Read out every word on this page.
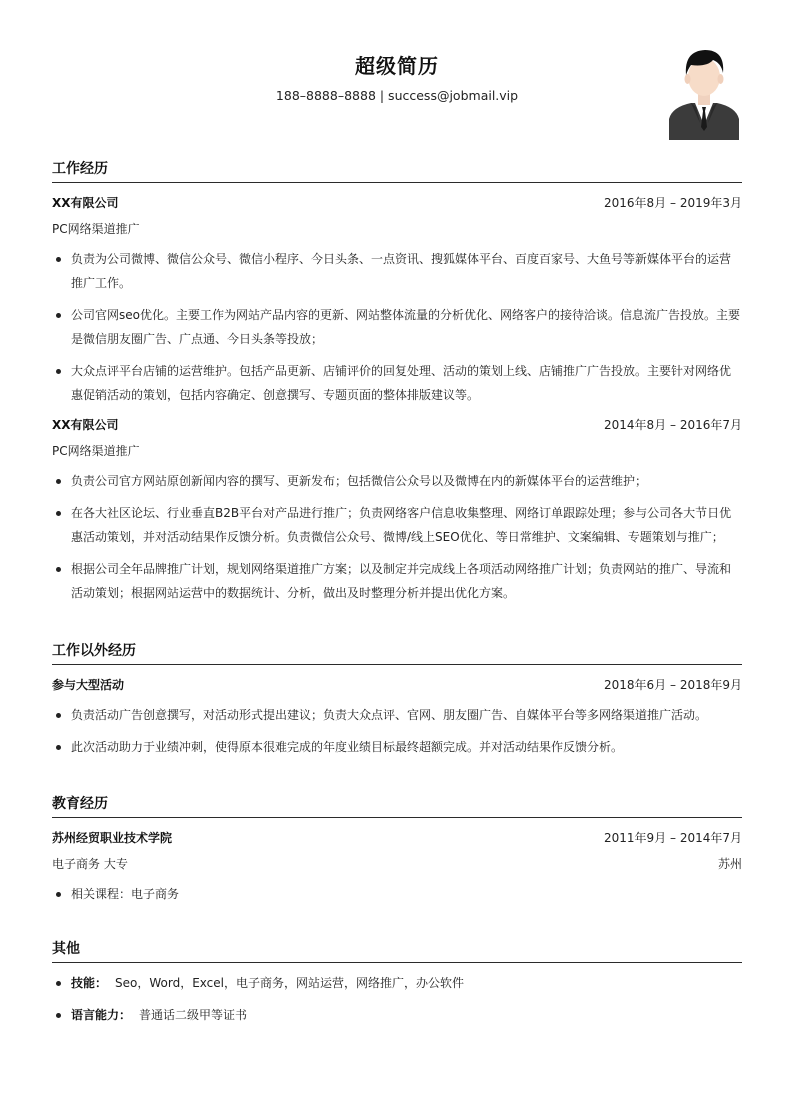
超级简历
188–8888–8888 | success@jobmail.vip
工作经历
XX有限公司	2016年8月 – 2019年3月
PC网络渠道推广
负责为公司微博、微信公众号、微信小程序、今日头条、一点资讯、搜狐媒体平台、百度百家号、大鱼号等新媒体平台的运营推广工作。
公司官网seo优化。主要工作为网站产品内容的更新、网站整体流量的分析优化、网络客户的接待洽谈。信息流广告投放。主要是微信朋友圈广告、广点通、今日头条等投放；
大众点评平台店铺的运营维护。包括产品更新、店铺评价的回复处理、活动的策划上线、店铺推广广告投放。主要针对网络优惠促销活动的策划，包括内容确定、创意撰写、专题页面的整体排版建议等。
XX有限公司	2014年8月 – 2016年7月
PC网络渠道推广
负责公司官方网站原创新闻内容的撰写、更新发布；包括微信公众号以及微博在内的新媒体平台的运营维护；
在各大社区论坛、行业垂直B2B平台对产品进行推广；负责网络客户信息收集整理、网络订单跟踪处理；参与公司各大节日优惠活动策划，并对活动结果作反馈分析。负责微信公众号、微博/线上SEO优化、等日常维护、文案编辑、专题策划与推广；
根据公司全年品牌推广计划，规划网络渠道推广方案；以及制定并完成线上各项活动网络推广计划；负责网站的推广、导流和活动策划；根据网站运营中的数据统计、分析，做出及时整理分析并提出优化方案。
工作以外经历
参与大型活动	2018年6月 – 2018年9月
负责活动广告创意撰写，对活动形式提出建议；负责大众点评、官网、朋友圈广告、自媒体平台等多网络渠道推广活动。
此次活动助力于业绩冲刺，使得原本很难完成的年度业绩目标最终超额完成。并对活动结果作反馈分析。
教育经历
苏州经贸职业技术学院	2011年9月 – 2014年7月
电子商务 大专	苏州
相关课程：电子商务
其他
技能： Seo，Word，Excel，电子商务，网站运营，网络推广，办公软件
语言能力： 普通话二级甲等证书
